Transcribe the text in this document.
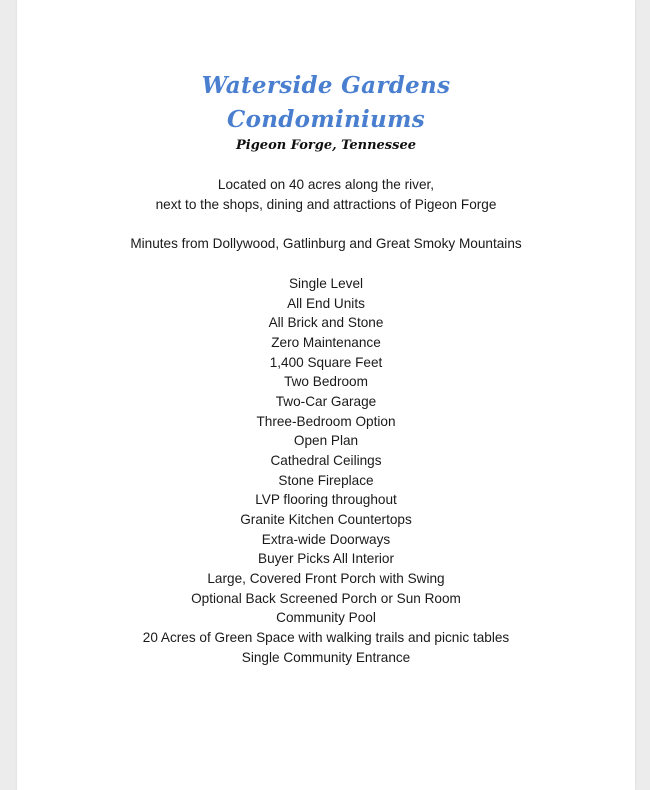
Waterside Gardens
Condominiums
Pigeon Forge, Tennessee
Located on 40 acres along the river,
next to the shops, dining and attractions of Pigeon Forge
Minutes from Dollywood, Gatlinburg and Great Smoky Mountains
Single Level
All End Units
All Brick and Stone
Zero Maintenance
1,400 Square Feet
Two Bedroom
Two-Car Garage
Three-Bedroom Option
Open Plan
Cathedral Ceilings
Stone Fireplace
LVP flooring throughout
Granite Kitchen Countertops
Extra-wide Doorways
Buyer Picks All Interior
Large, Covered Front Porch with Swing
Optional Back Screened Porch or Sun Room
Community Pool
20 Acres of Green Space with walking trails and picnic tables
Single Community Entrance
